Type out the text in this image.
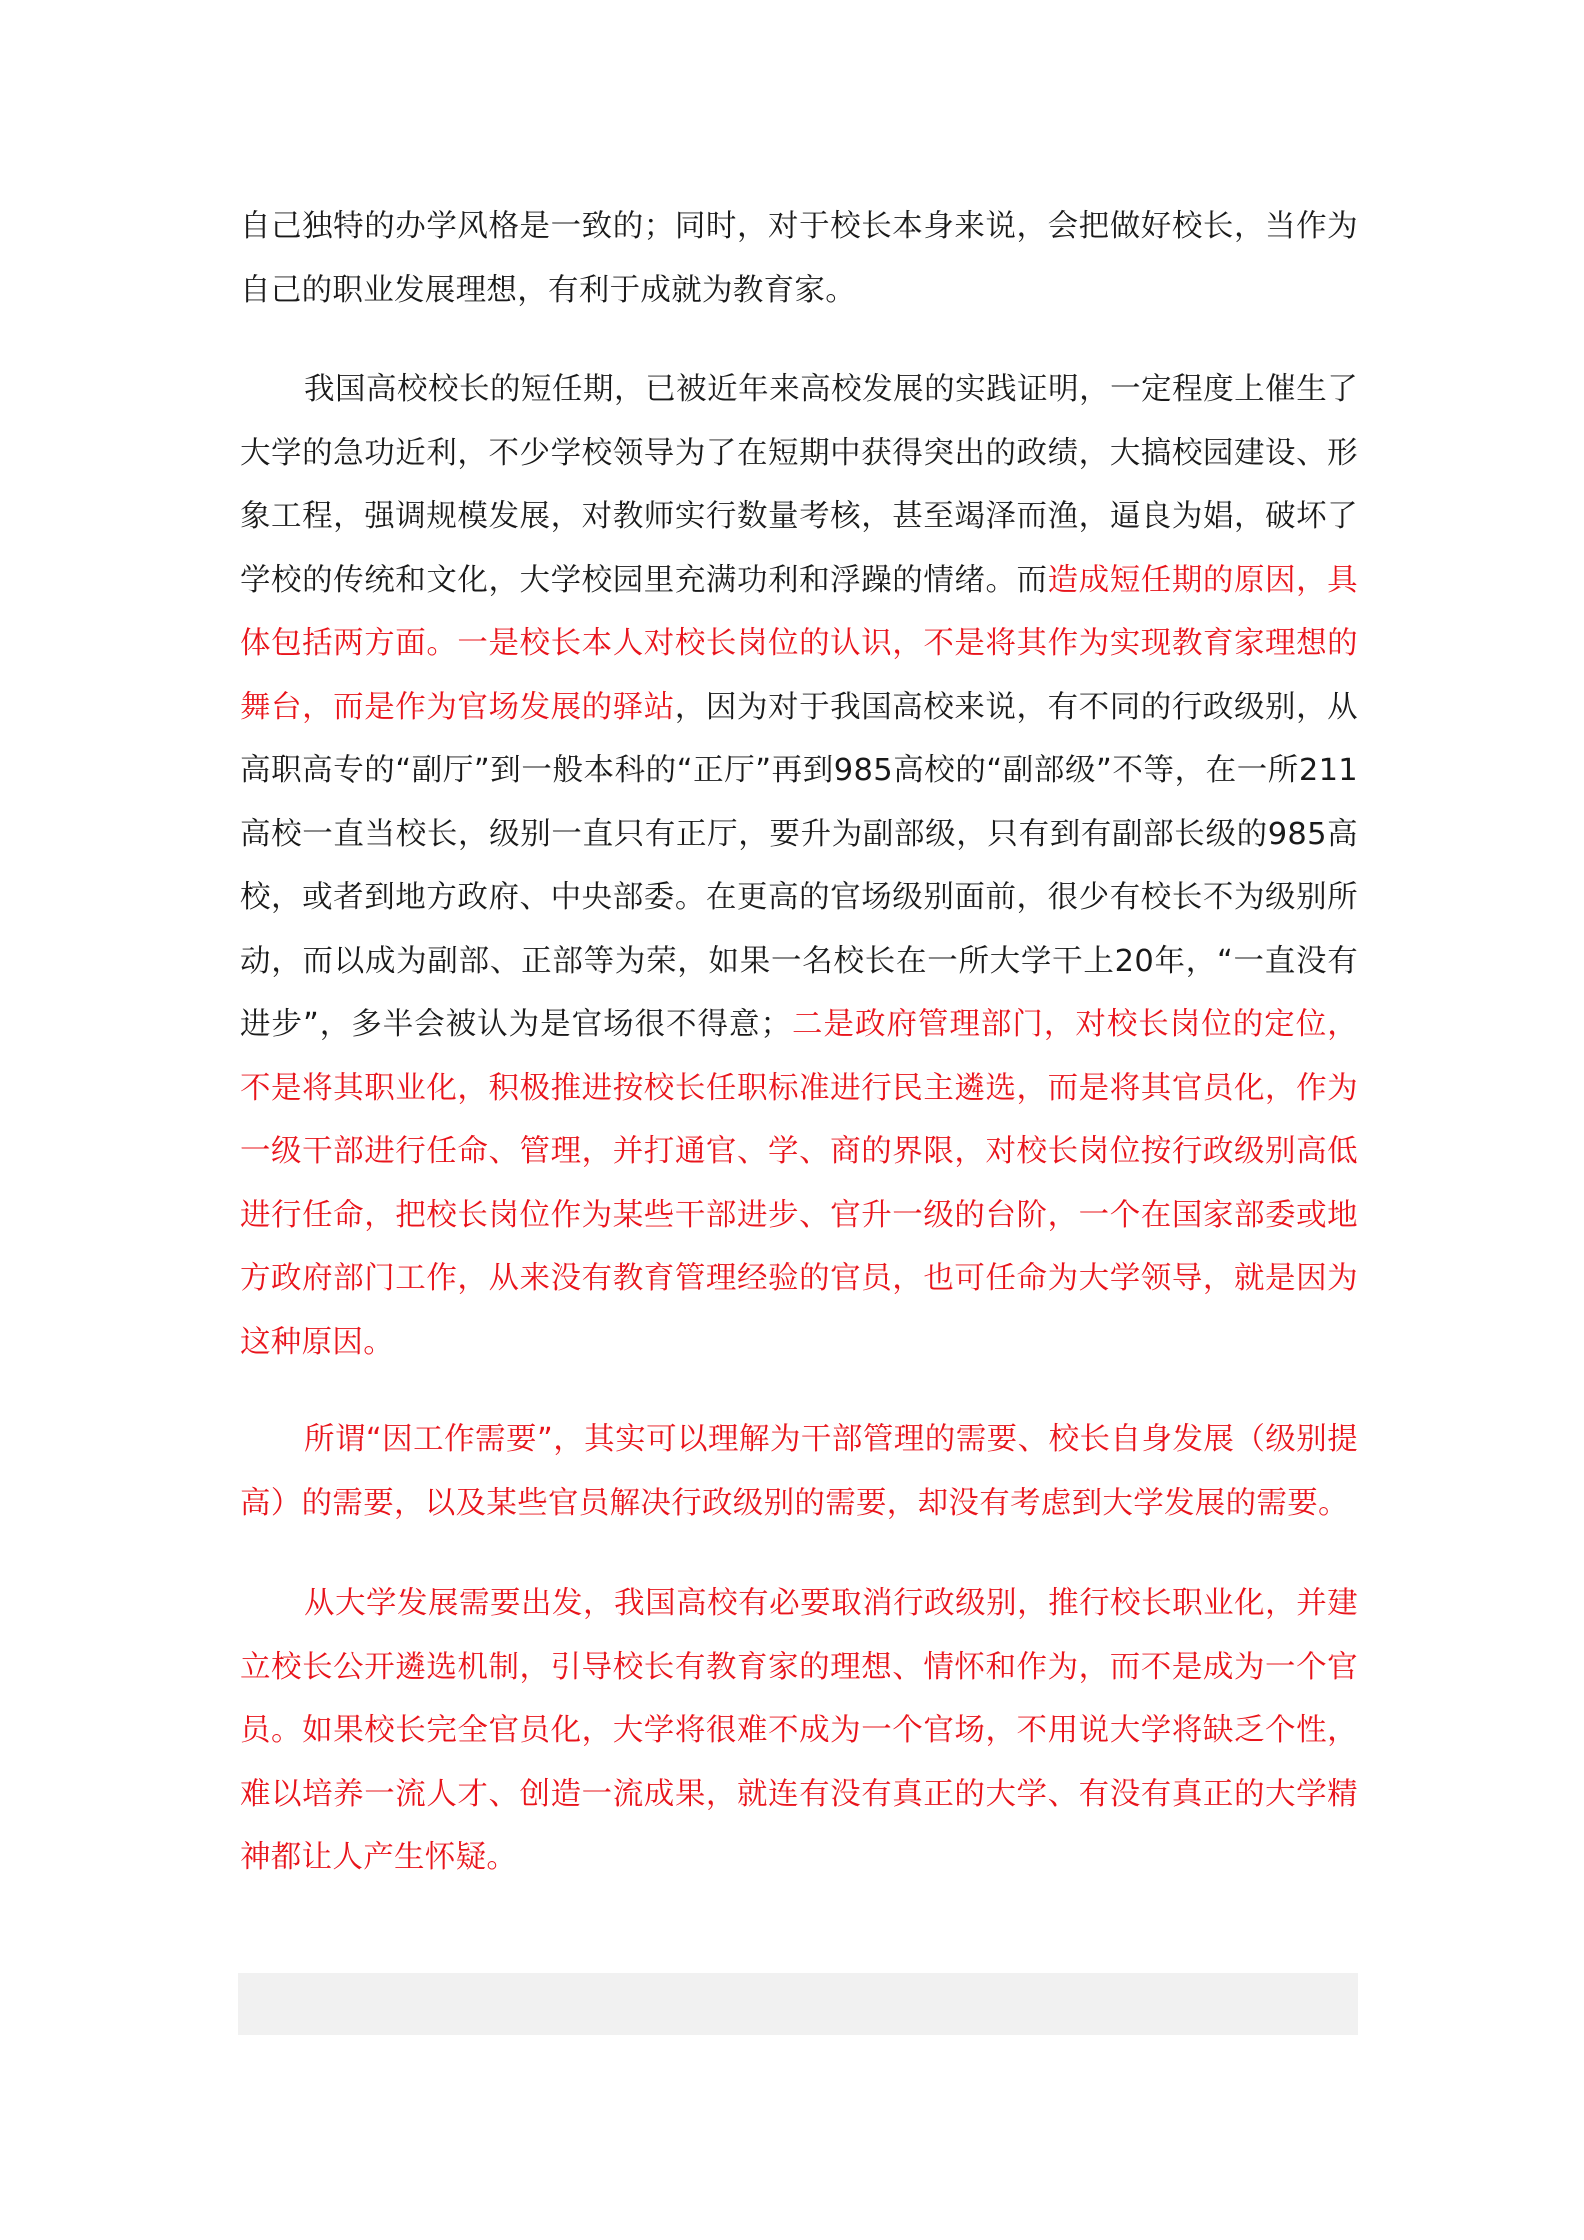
自己独特的办学风格是一致的；同时，对于校长本身来说，会把做好校长，当作为自己的职业发展理想，有利于成就为教育家。

我国高校校长的短任期，已被近年来高校发展的实践证明，一定程度上催生了大学的急功近利，不少学校领导为了在短期中获得突出的政绩，大搞校园建设、形象工程，强调规模发展，对教师实行数量考核，甚至竭泽而渔，逼良为娼，破坏了学校的传统和文化，大学校园里充满功利和浮躁的情绪。而造成短任期的原因，具体包括两方面。一是校长本人对校长岗位的认识，不是将其作为实现教育家理想的舞台，而是作为官场发展的驿站，因为对于我国高校来说，有不同的行政级别，从高职高专的“副厅”到一般本科的“正厅”再到985高校的“副部级”不等，在一所211高校一直当校长，级别一直只有正厅，要升为副部级，只有到有副部长级的985高校，或者到地方政府、中央部委。在更高的官场级别面前，很少有校长不为级别所动，而以成为副部、正部等为荣，如果一名校长在一所大学干上20年，“一直没有进步”，多半会被认为是官场很不得意；二是政府管理部门，对校长岗位的定位，不是将其职业化，积极推进按校长任职标准进行民主遴选，而是将其官员化，作为一级干部进行任命、管理，并打通官、学、商的界限，对校长岗位按行政级别高低进行任命，把校长岗位作为某些干部进步、官升一级的台阶，一个在国家部委或地方政府部门工作，从来没有教育管理经验的官员，也可任命为大学领导，就是因为这种原因。

所谓“因工作需要”，其实可以理解为干部管理的需要、校长自身发展（级别提高）的需要，以及某些官员解决行政级别的需要，却没有考虑到大学发展的需要。

从大学发展需要出发，我国高校有必要取消行政级别，推行校长职业化，并建立校长公开遴选机制，引导校长有教育家的理想、情怀和作为，而不是成为一个官员。如果校长完全官员化，大学将很难不成为一个官场，不用说大学将缺乏个性，难以培养一流人才、创造一流成果，就连有没有真正的大学、有没有真正的大学精神都让人产生怀疑。
